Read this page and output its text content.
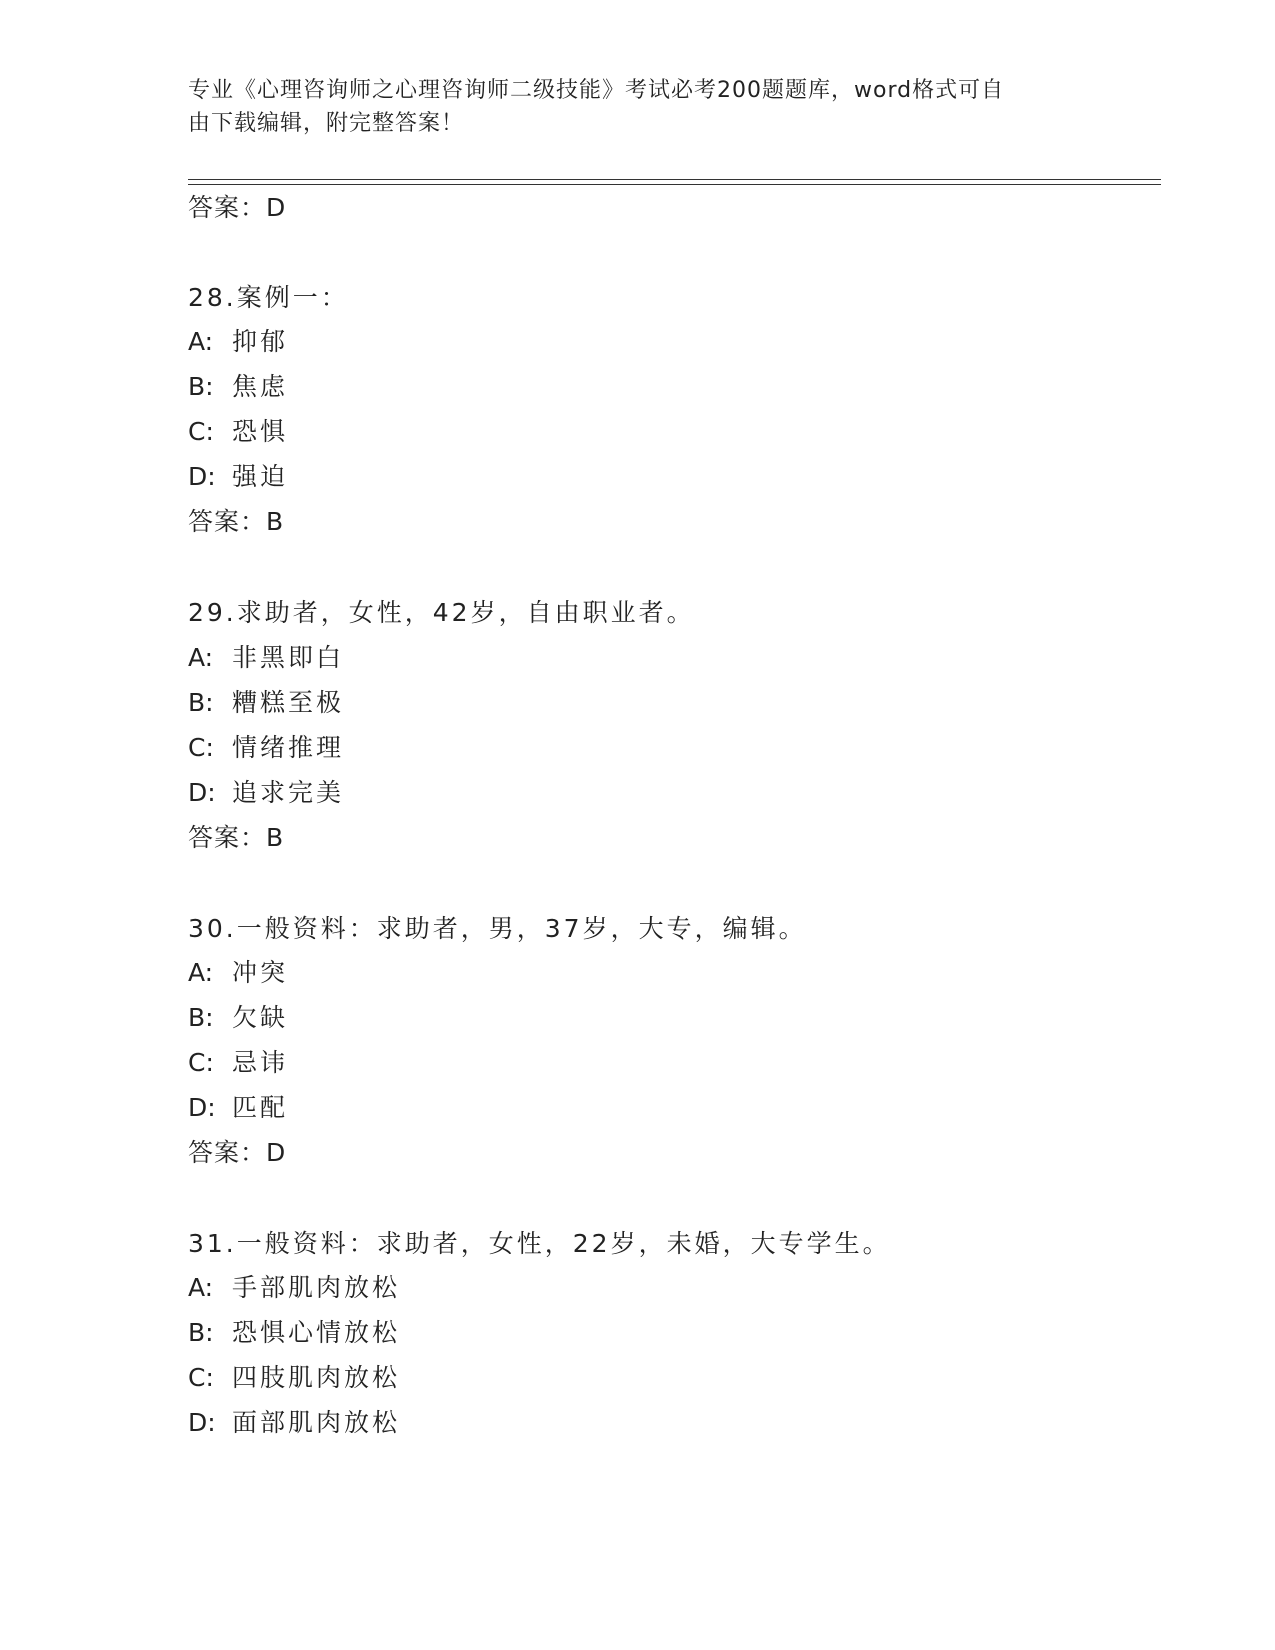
专业《心理咨询师之心理咨询师二级技能》考试必考200题题库，word格式可自
由下载编辑，附完整答案！
答案：D
28.案例一：
A: 抑郁
B: 焦虑
C: 恐惧
D: 强迫
答案：B
29.求助者，女性，42岁，自由职业者。
A: 非黑即白
B: 糟糕至极
C: 情绪推理
D: 追求完美
答案：B
30.一般资料：求助者，男，37岁，大专，编辑。
A: 冲突
B: 欠缺
C: 忌讳
D: 匹配
答案：D
31.一般资料：求助者，女性，22岁，未婚，大专学生。
A: 手部肌肉放松
B: 恐惧心情放松
C: 四肢肌肉放松
D: 面部肌肉放松
